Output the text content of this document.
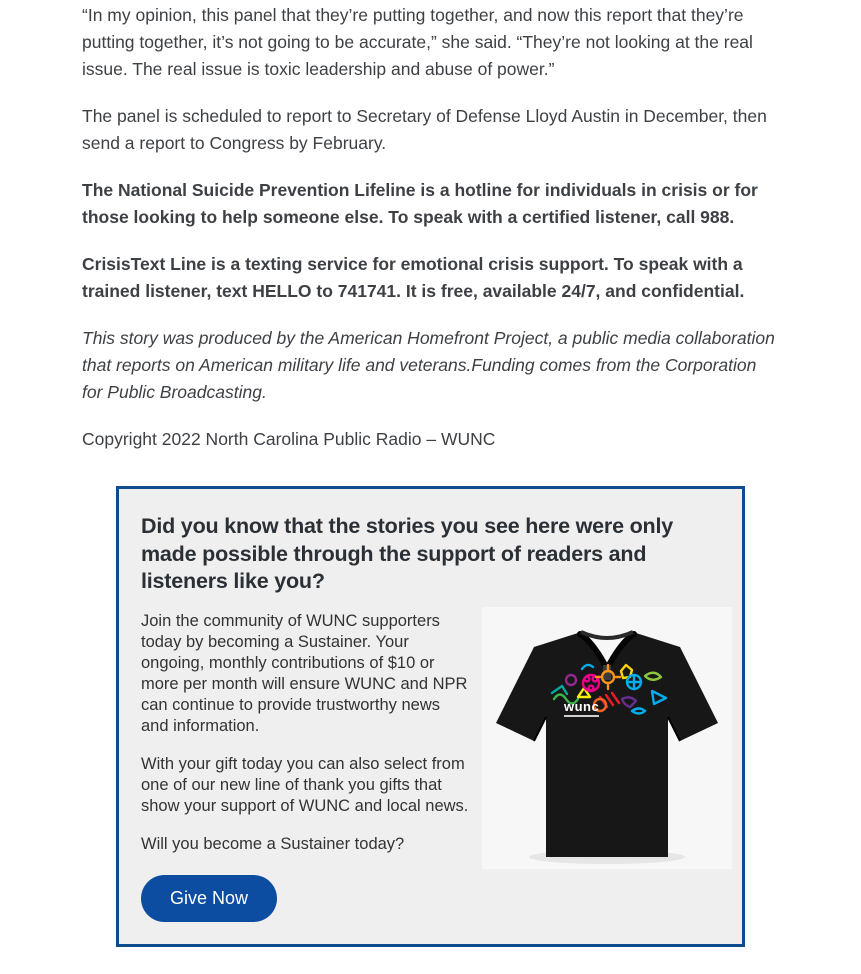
“In my opinion, this panel that they’re putting together, and now this report that they’re putting together, it’s not going to be accurate,” she said. “They’re not looking at the real issue. The real issue is toxic leadership and abuse of power.”

The panel is scheduled to report to Secretary of Defense Lloyd Austin in December, then send a report to Congress by February.

The National Suicide Prevention Lifeline is a hotline for individuals in crisis or for those looking to help someone else. To speak with a certified listener, call 988.

CrisisText Line is a texting service for emotional crisis support. To speak with a trained listener, text HELLO to 741741. It is free, available 24/7, and confidential.

This story was produced by the American Homefront Project, a public media collaboration that reports on American military life and veterans.Funding comes from the Corporation for Public Broadcasting.

Copyright 2022 North Carolina Public Radio – WUNC

Did you know that the stories you see here were only made possible through the support of readers and listeners like you?
wunc

Join the community of WUNC supporters today by becoming a Sustainer. Your ongoing, monthly contributions of $10 or more per month will ensure WUNC and NPR can continue to provide trustworthy news and information.

With your gift today you can also select from one of our new line of thank you gifts that show your support of WUNC and local news.

Will you become a Sustainer today?

Give Now
